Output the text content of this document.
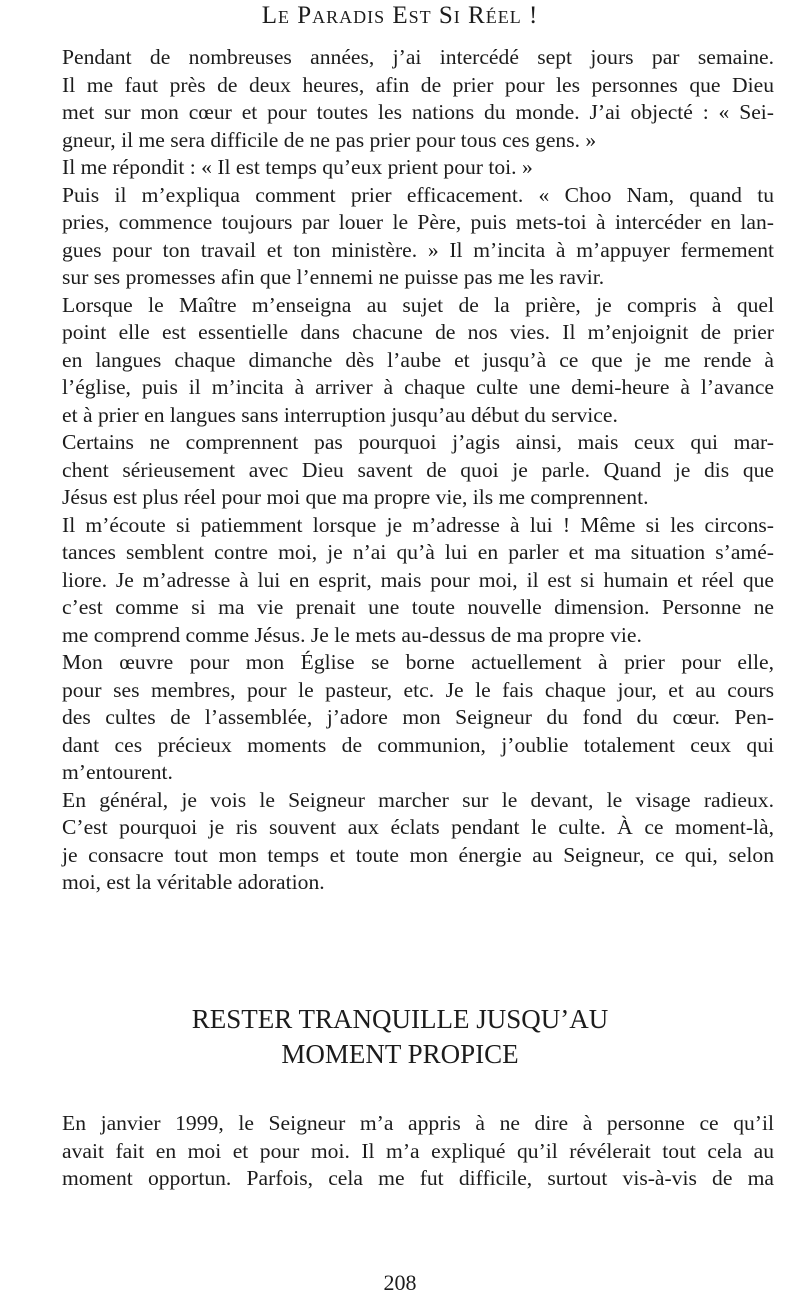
Le Paradis Est Si Réel !
Pendant de nombreuses années, j’ai intercédé sept jours par semaine.
Il me faut près de deux heures, afin de prier pour les personnes que Dieu
met sur mon cœur et pour toutes les nations du monde. J’ai objecté : « Sei-
gneur, il me sera difficile de ne pas prier pour tous ces gens. »
Il me répondit : « Il est temps qu’eux prient pour toi. »
Puis il m’expliqua comment prier efficacement. « Choo Nam, quand tu
pries, commence toujours par louer le Père, puis mets-toi à intercéder en lan-
gues pour ton travail et ton ministère. » Il m’incita à m’appuyer fermement
sur ses promesses afin que l’ennemi ne puisse pas me les ravir.
Lorsque le Maître m’enseigna au sujet de la prière, je compris à quel
point elle est essentielle dans chacune de nos vies. Il m’enjoignit de prier
en langues chaque dimanche dès l’aube et jusqu’à ce que je me rende à
l’église, puis il m’incita à arriver à chaque culte une demi-heure à l’avance
et à prier en langues sans interruption jusqu’au début du service.
Certains ne comprennent pas pourquoi j’agis ainsi, mais ceux qui mar-
chent sérieusement avec Dieu savent de quoi je parle. Quand je dis que
Jésus est plus réel pour moi que ma propre vie, ils me comprennent.
Il m’écoute si patiemment lorsque je m’adresse à lui ! Même si les circons-
tances semblent contre moi, je n’ai qu’à lui en parler et ma situation s’amé-
liore. Je m’adresse à lui en esprit, mais pour moi, il est si humain et réel que
c’est comme si ma vie prenait une toute nouvelle dimension. Personne ne
me comprend comme Jésus. Je le mets au-dessus de ma propre vie.
Mon œuvre pour mon Église se borne actuellement à prier pour elle,
pour ses membres, pour le pasteur, etc. Je le fais chaque jour, et au cours
des cultes de l’assemblée, j’adore mon Seigneur du fond du cœur. Pen-
dant ces précieux moments de communion, j’oublie totalement ceux qui
m’entourent.
En général, je vois le Seigneur marcher sur le devant, le visage radieux.
C’est pourquoi je ris souvent aux éclats pendant le culte. À ce moment-là,
je consacre tout mon temps et toute mon énergie au Seigneur, ce qui, selon
moi, est la véritable adoration.
RESTER TRANQUILLE JUSQU’AU
MOMENT PROPICE
En janvier 1999, le Seigneur m’a appris à ne dire à personne ce qu’il
avait fait en moi et pour moi. Il m’a expliqué qu’il révélerait tout cela au
moment opportun. Parfois, cela me fut difficile, surtout vis-à-vis de ma
208
